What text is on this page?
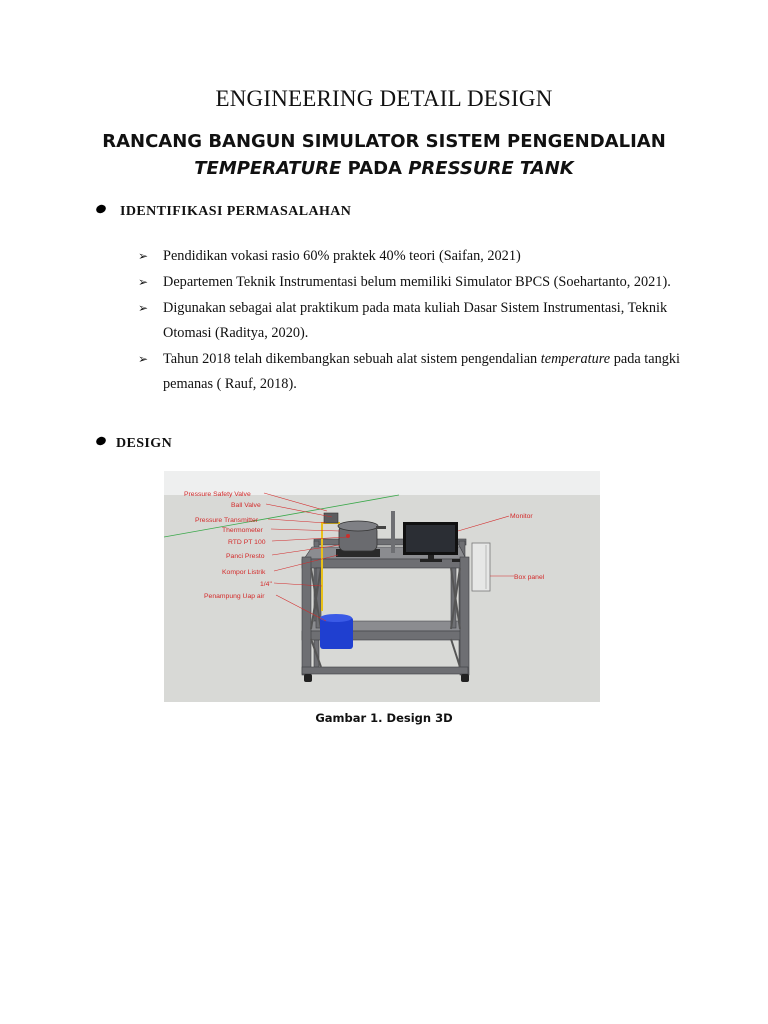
ENGINEERING DETAIL DESIGN
RANCANG BANGUN SIMULATOR SISTEM PENGENDALIAN
TEMPERATURE PADA PRESSURE TANK
IDENTIFIKASI PERMASALAHAN
➢ Pendidikan vokasi rasio 60% praktek 40% teori (Saifan, 2021)
➢ Departemen Teknik Instrumentasi belum memiliki Simulator BPCS (Soehartanto, 2021).
➢ Digunakan sebagai alat praktikum pada mata kuliah Dasar Sistem Instrumentasi, Teknik Otomasi (Raditya, 2020).
➢ Tahun 2018 telah dikembangkan sebuah alat sistem pengendalian temperature pada tangki pemanas ( Rauf, 2018).
DESIGN
Pressure Safety Valve
Ball Valve
Pressure Transmitter
Thermometer
RTD PT 100
Panci Presto
Kompor Listrik
1/4"
Penampung Uap air
Monitor
Box panel
Gambar 1. Design 3D
